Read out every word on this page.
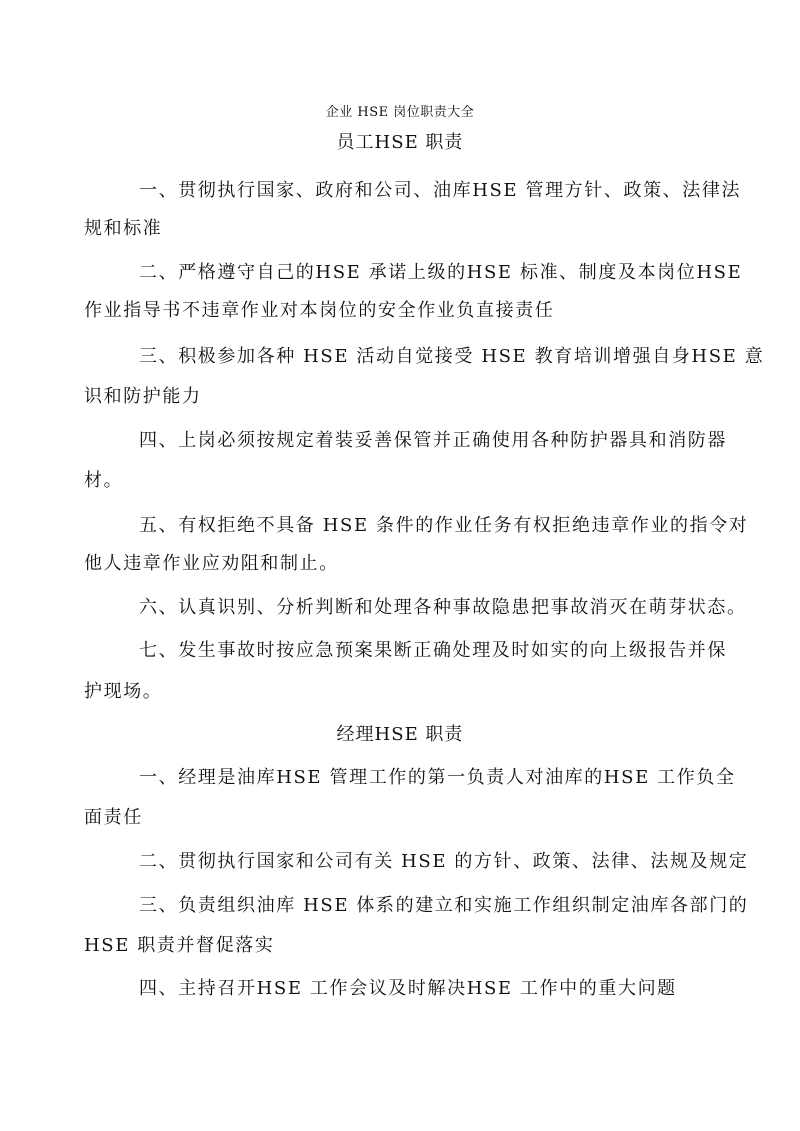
企业 HSE 岗位职责大全
员工HSE 职责
一、贯彻执行国家、政府和公司、油库HSE 管理方针、政策、法律法
规和标准
二、严格遵守自己的HSE 承诺上级的HSE 标准、制度及本岗位HSE
作业指导书不违章作业对本岗位的安全作业负直接责任
三、积极参加各种 HSE 活动自觉接受 HSE 教育培训增强自身HSE 意
识和防护能力
四、上岗必须按规定着装妥善保管并正确使用各种防护器具和消防器
材。
五、有权拒绝不具备 HSE 条件的作业任务有权拒绝违章作业的指令对
他人违章作业应劝阻和制止。
六、认真识别、分析判断和处理各种事故隐患把事故消灭在萌芽状态。
七、发生事故时按应急预案果断正确处理及时如实的向上级报告并保
护现场。
经理HSE 职责
一、经理是油库HSE 管理工作的第一负责人对油库的HSE 工作负全
面责任
二、贯彻执行国家和公司有关 HSE 的方针、政策、法律、法规及规定
三、负责组织油库 HSE 体系的建立和实施工作组织制定油库各部门的
HSE 职责并督促落实
四、主持召开HSE 工作会议及时解决HSE 工作中的重大问题
